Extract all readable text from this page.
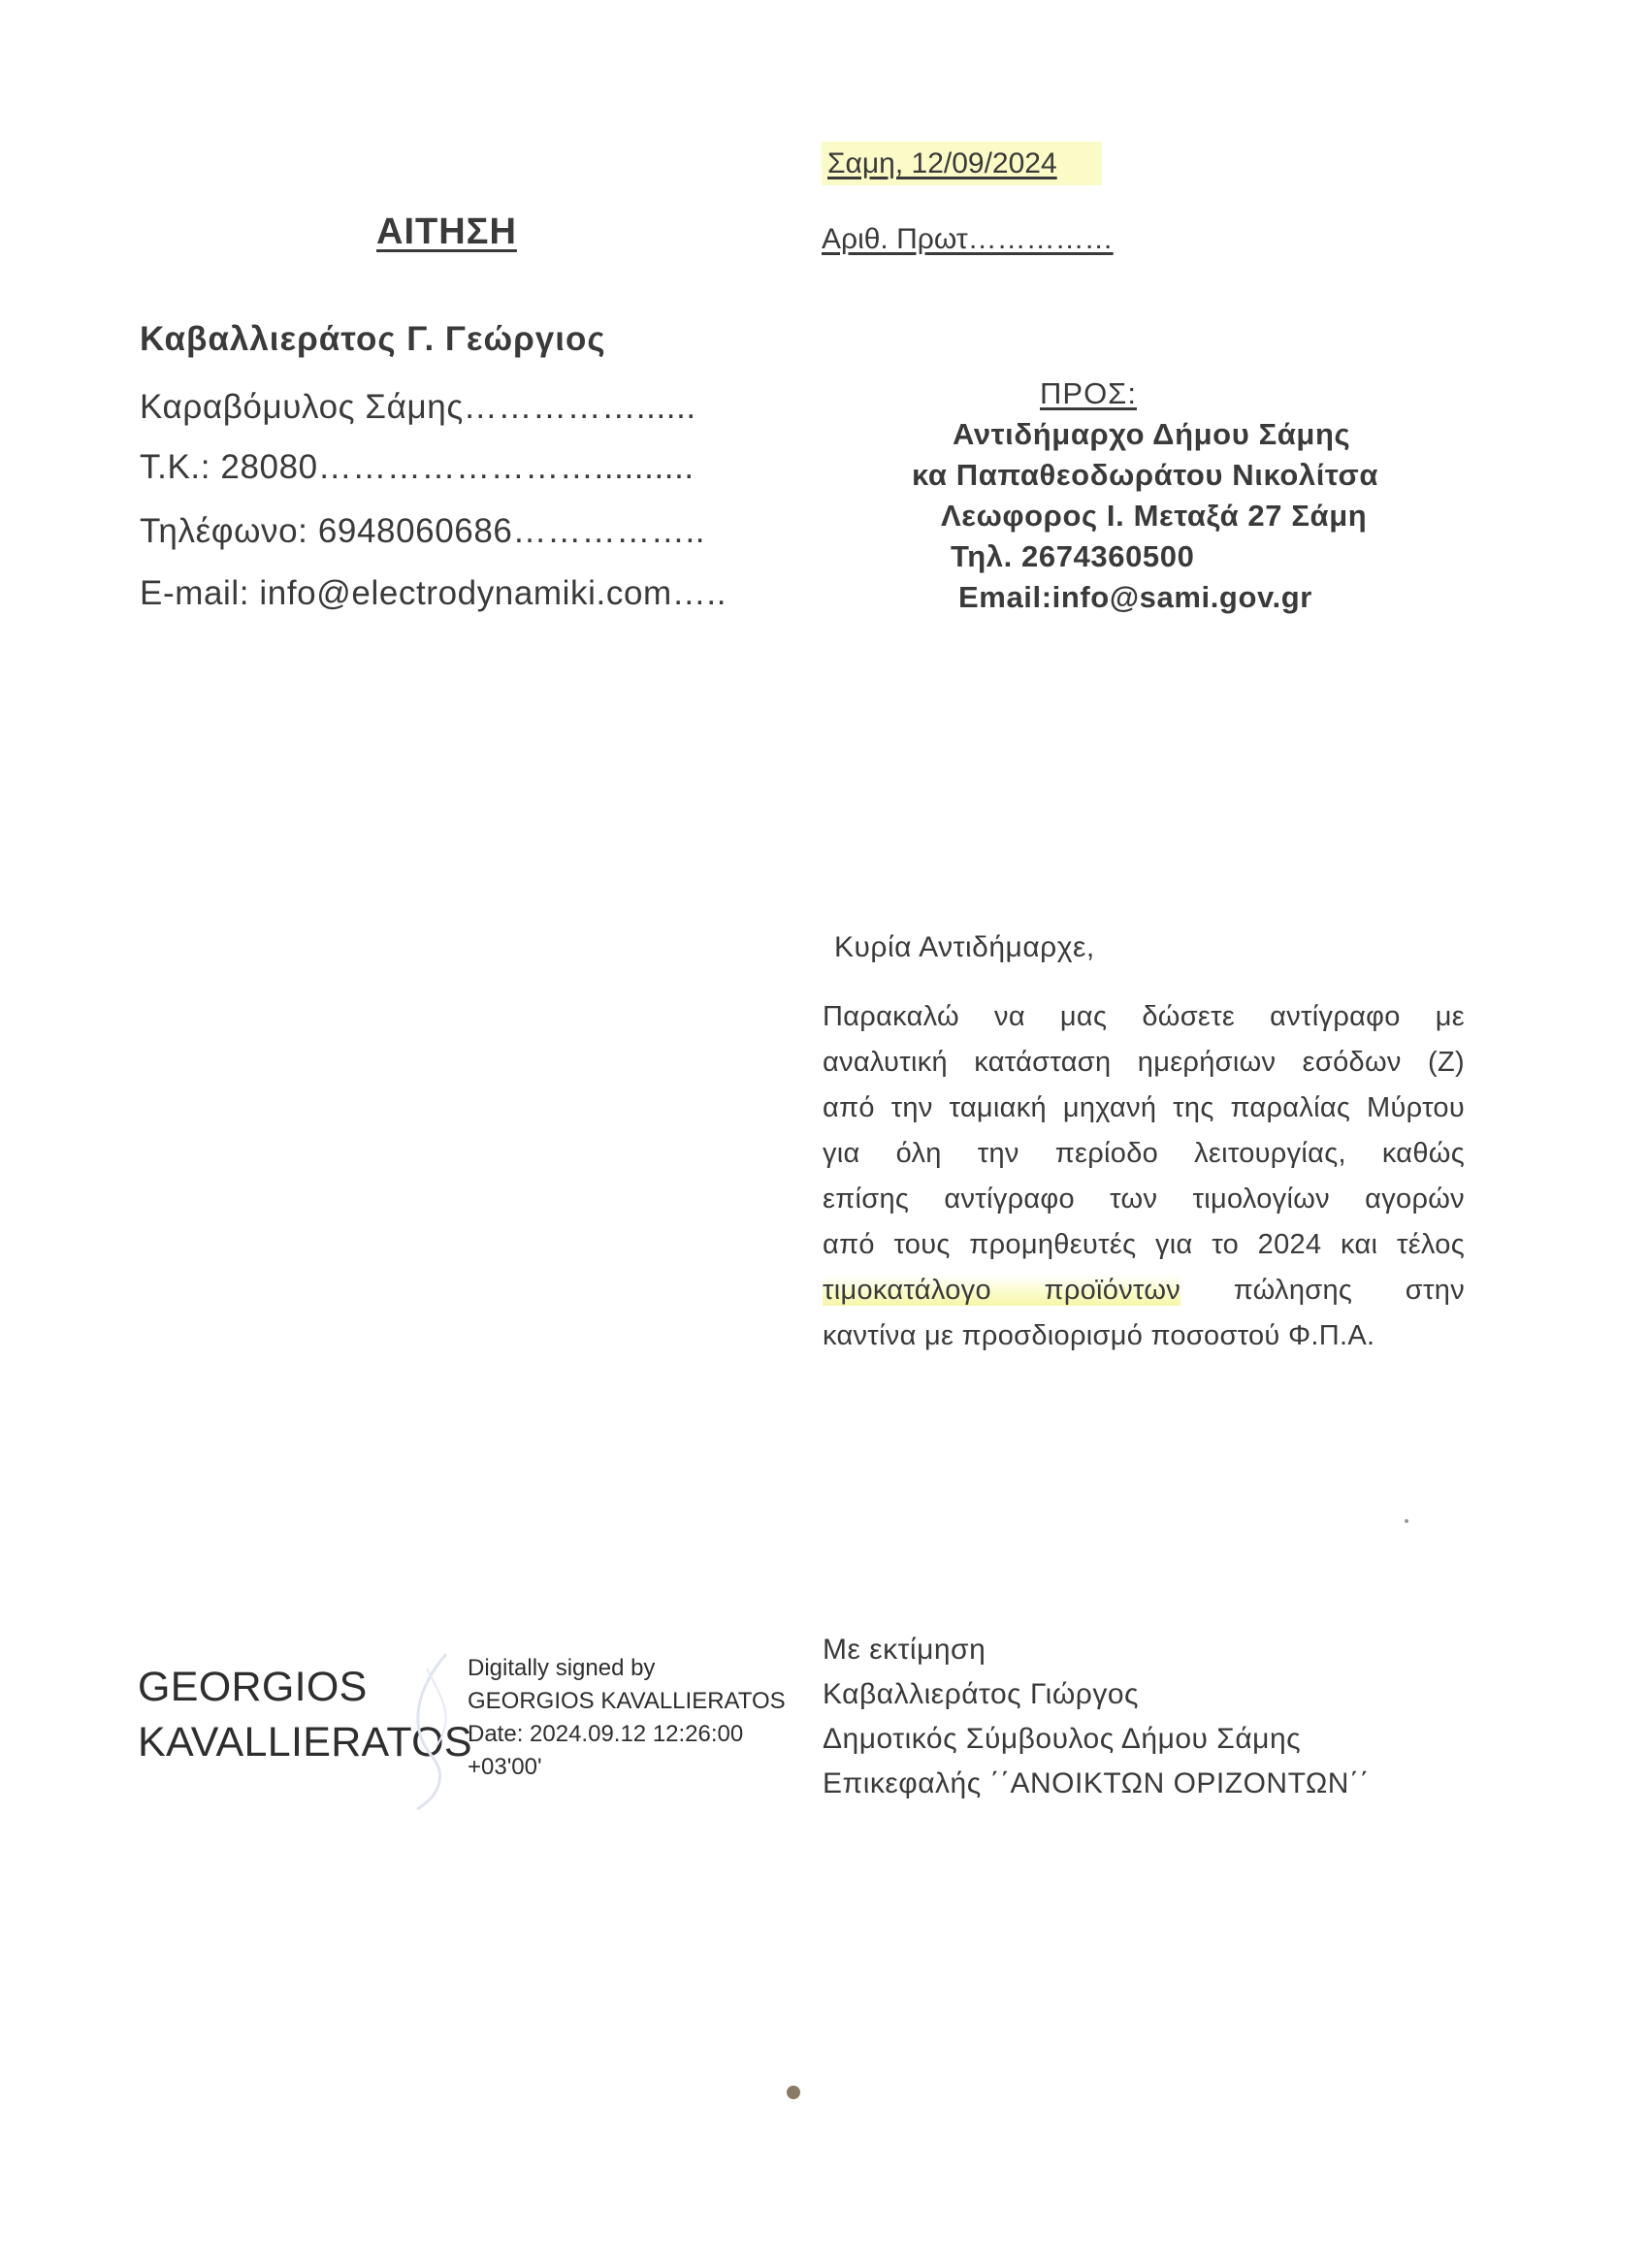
Σαμη, 12/09/2024
Αριθ. Πρωτ……………
ΑΙΤΗΣΗ
Καβαλλιεράτος Γ. Γεώργιος
Καραβόμυλος Σάμης……………......
Τ.Κ.: 28080……………………..........
Τηλέφωνο: 6948060686……………..
E-mail: info@electrodynamiki.com…..
ΠΡΟΣ:
Αντιδήμαρχο Δήμου Σάμης
κα Παπαθεοδωράτου Νικολίτσα
Λεωφορος Ι. Μεταξά 27 Σάμη
Τηλ. 2674360500
Email:info@sami.gov.gr
Κυρία Αντιδήμαρχε,
Παρακαλώ να μας δώσετε αντίγραφο με
αναλυτική κατάσταση ημερήσιων εσόδων (Ζ)
από την ταμιακή μηχανή της παραλίας Μύρτου
για όλη την περίοδο λειτουργίας, καθώς
επίσης αντίγραφο των τιμολογίων αγορών
από τους προμηθευτές για το 2024 και τέλος
τιμοκατάλογο προϊόντων πώλησης στην
καντίνα με προσδιορισμό ποσοστού Φ.Π.Α.
Με εκτίμηση
Καβαλλιεράτος Γιώργος
Δημοτικός Σύμβουλος Δήμου Σάμης
Επικεφαλής ΄΄ΑΝΟΙΚΤΩΝ ΟΡΙΖΟΝΤΩΝ΄΄
GEORGIOS
KAVALLIERATOS
Digitally signed by
GEORGIOS KAVALLIERATOS
Date: 2024.09.12 12:26:00
+03'00'
